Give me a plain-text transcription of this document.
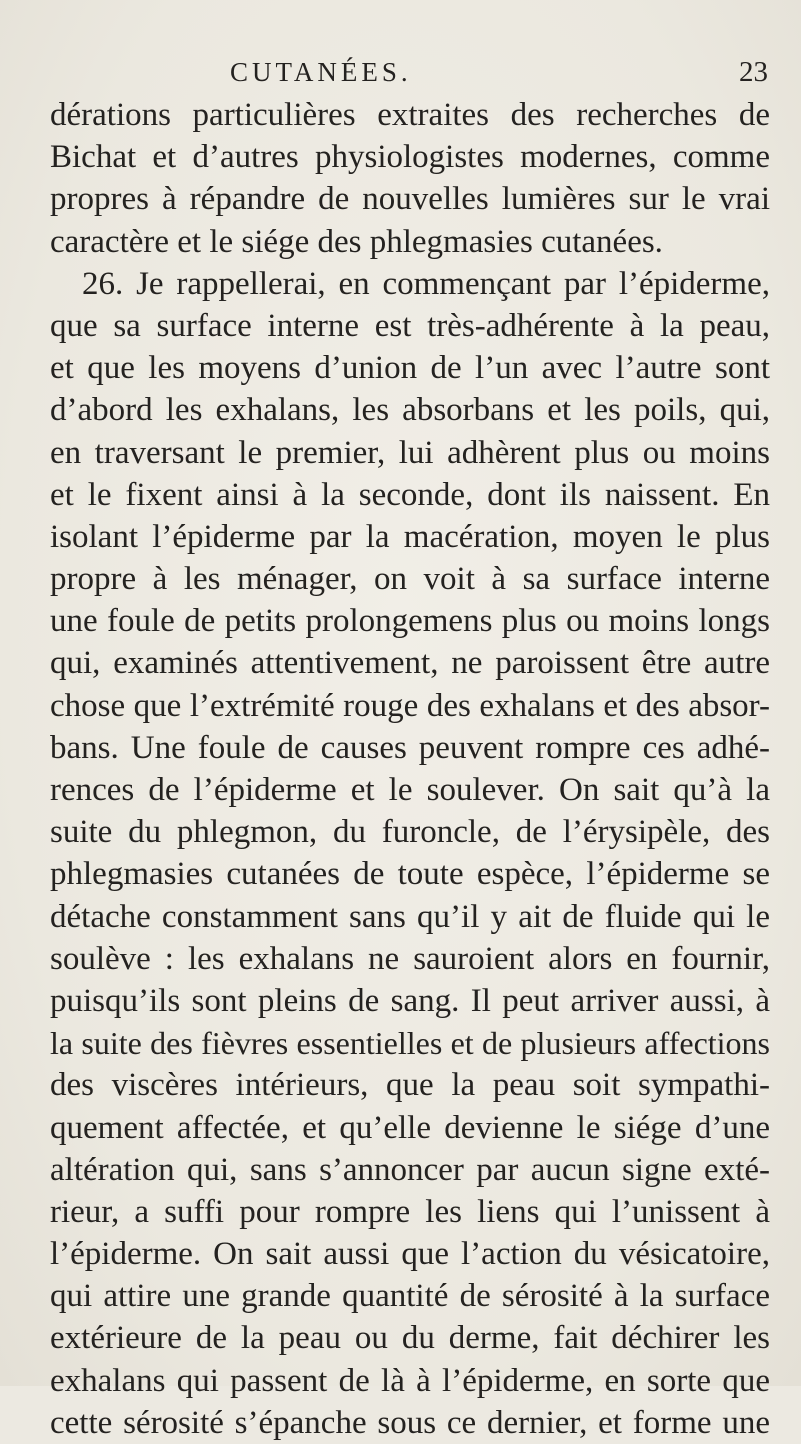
CUTANÉES.	23
dérations particulières extraites des recherches de
Bichat et d’autres physiologistes modernes, comme
propres à répandre de nouvelles lumières sur le vrai
caractère et le siége des phlegmasies cutanées.
26. Je rappellerai, en commençant par l’épiderme,
que sa surface interne est très-adhérente à la peau,
et que les moyens d’union de l’un avec l’autre sont
d’abord les exhalans, les absorbans et les poils, qui,
en traversant le premier, lui adhèrent plus ou moins
et le fixent ainsi à la seconde, dont ils naissent. En
isolant l’épiderme par la macération, moyen le plus
propre à les ménager, on voit à sa surface interne
une foule de petits prolongemens plus ou moins longs
qui, examinés attentivement, ne paroissent être autre
chose que l’extrémité rouge des exhalans et des absor-
bans. Une foule de causes peuvent rompre ces adhé-
rences de l’épiderme et le soulever. On sait qu’à la
suite du phlegmon, du furoncle, de l’érysipèle, des
phlegmasies cutanées de toute espèce, l’épiderme se
détache constamment sans qu’il y ait de fluide qui le
soulève : les exhalans ne sauroient alors en fournir,
puisqu’ils sont pleins de sang. Il peut arriver aussi, à
la suite des fièvres essentielles et de plusieurs affections
des viscères intérieurs, que la peau soit sympathi-
quement affectée, et qu’elle devienne le siége d’une
altération qui, sans s’annoncer par aucun signe exté-
rieur, a suffi pour rompre les liens qui l’unissent à
l’épiderme. On sait aussi que l’action du vésicatoire,
qui attire une grande quantité de sérosité à la surface
extérieure de la peau ou du derme, fait déchirer les
exhalans qui passent de là à l’épiderme, en sorte que
cette sérosité s’épanche sous ce dernier, et forme une
